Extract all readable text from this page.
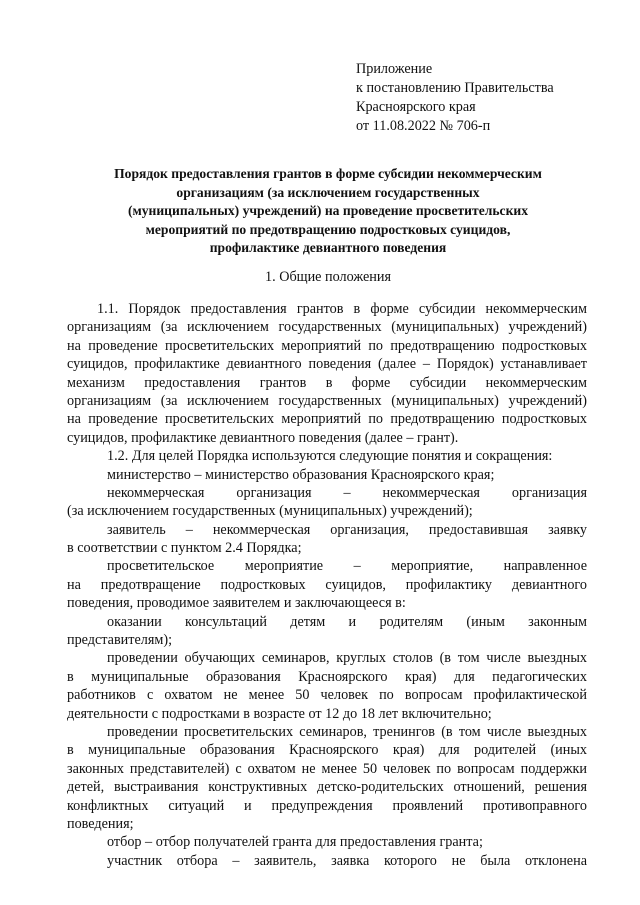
Приложение
к постановлению Правительства
Красноярского края
от 11.08.2022 № 706-п
Порядок предоставления грантов в форме субсидии некоммерческим
организациям (за исключением государственных
(муниципальных) учреждений) на проведение просветительских
мероприятий по предотвращению подростковых суицидов,
профилактике девиантного поведения
1. Общие положения
1.1. Порядок предоставления грантов в форме субсидии некоммерческим
организациям (за исключением государственных (муниципальных) учреждений)
на проведение просветительских мероприятий по предотвращению подростковых
суицидов, профилактике девиантного поведения (далее – Порядок) устанавливает
механизм предоставления грантов в форме субсидии некоммерческим
организациям (за исключением государственных (муниципальных) учреждений)
на проведение просветительских мероприятий по предотвращению подростковых
суицидов, профилактике девиантного поведения (далее – грант).
1.2. Для целей Порядка используются следующие понятия и сокращения:
министерство – министерство образования Красноярского края;
некоммерческая организация – некоммерческая организация
(за исключением государственных (муниципальных) учреждений);
заявитель – некоммерческая организация, предоставившая заявку
в соответствии с пунктом 2.4 Порядка;
просветительское мероприятие – мероприятие, направленное
на предотвращение подростковых суицидов, профилактику девиантного
поведения, проводимое заявителем и заключающееся в:
оказании консультаций детям и родителям (иным законным
представителям);
проведении обучающих семинаров, круглых столов (в том числе выездных
в муниципальные образования Красноярского края) для педагогических
работников с охватом не менее 50 человек по вопросам профилактической
деятельности с подростками в возрасте от 12 до 18 лет включительно;
проведении просветительских семинаров, тренингов (в том числе выездных
в муниципальные образования Красноярского края) для родителей (иных
законных представителей) с охватом не менее 50 человек по вопросам поддержки
детей, выстраивания конструктивных детско-родительских отношений, решения
конфликтных ситуаций и предупреждения проявлений противоправного
поведения;
отбор – отбор получателей гранта для предоставления гранта;
участник отбора – заявитель, заявка которого не была отклонена
